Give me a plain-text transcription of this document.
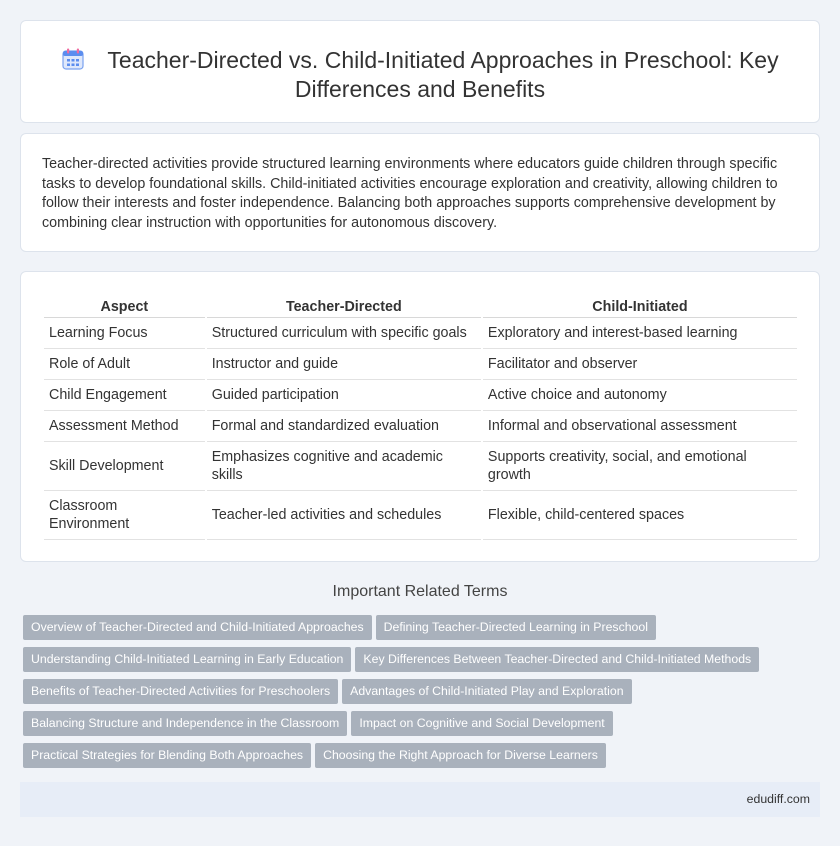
Teacher-Directed vs. Child-Initiated Approaches in Preschool: Key Differences and Benefits

Teacher-directed activities provide structured learning environments where educators guide children through specific tasks to develop foundational skills. Child-initiated activities encourage exploration and creativity, allowing children to follow their interests and foster independence. Balancing both approaches supports comprehensive development by combining clear instruction with opportunities for autonomous discovery.

Aspect	Teacher-Directed	Child-Initiated
Learning Focus	Structured curriculum with specific goals	Exploratory and interest-based learning
Role of Adult	Instructor and guide	Facilitator and observer
Child Engagement	Guided participation	Active choice and autonomy
Assessment Method	Formal and standardized evaluation	Informal and observational assessment
Skill Development	Emphasizes cognitive and academic skills	Supports creativity, social, and emotional growth
Classroom Environment	Teacher-led activities and schedules	Flexible, child-centered spaces
Important Related Terms
Overview of Teacher-Directed and Child-Initiated Approaches Defining Teacher-Directed Learning in Preschool
Understanding Child-Initiated Learning in Early Education Key Differences Between Teacher-Directed and Child-Initiated Methods
Benefits of Teacher-Directed Activities for Preschoolers Advantages of Child-Initiated Play and Exploration
Balancing Structure and Independence in the Classroom Impact on Cognitive and Social Development
Practical Strategies for Blending Both Approaches Choosing the Right Approach for Diverse Learners
edudiff.com
